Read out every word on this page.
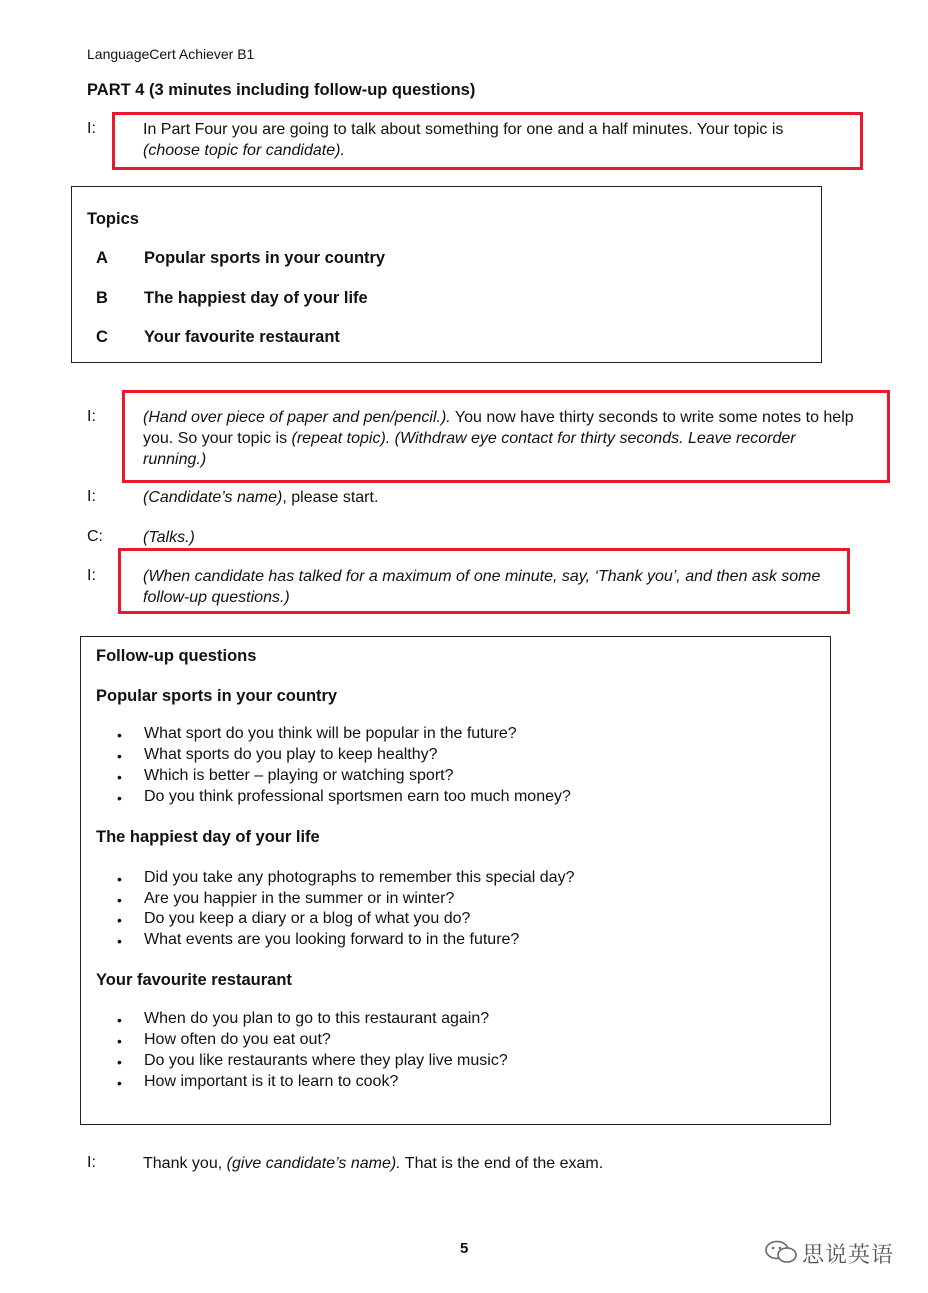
LanguageCert Achiever B1
PART 4 (3 minutes including follow-up questions)
I:	In Part Four you are going to talk about something for one and a half minutes. Your topic is (choose topic for candidate).
Topics
A Popular sports in your country
B The happiest day of your life
C Your favourite restaurant
I:	(Hand over piece of paper and pen/pencil.). You now have thirty seconds to write some notes to help you. So your topic is (repeat topic). (Withdraw eye contact for thirty seconds. Leave recorder running.)
I:	(Candidate’s name), please start.
C:	(Talks.)
I:	(When candidate has talked for a maximum of one minute, say, ‘Thank you’, and then ask some follow-up questions.)
Follow-up questions
Popular sports in your country
• What sport do you think will be popular in the future?
• What sports do you play to keep healthy?
• Which is better – playing or watching sport?
• Do you think professional sportsmen earn too much money?
The happiest day of your life
• Did you take any photographs to remember this special day?
• Are you happier in the summer or in winter?
• Do you keep a diary or a blog of what you do?
• What events are you looking forward to in the future?
Your favourite restaurant
• When do you plan to go to this restaurant again?
• How often do you eat out?
• Do you like restaurants where they play live music?
• How important is it to learn to cook?
I:	Thank you, (give candidate’s name). That is the end of the exam.
5	思说英语
